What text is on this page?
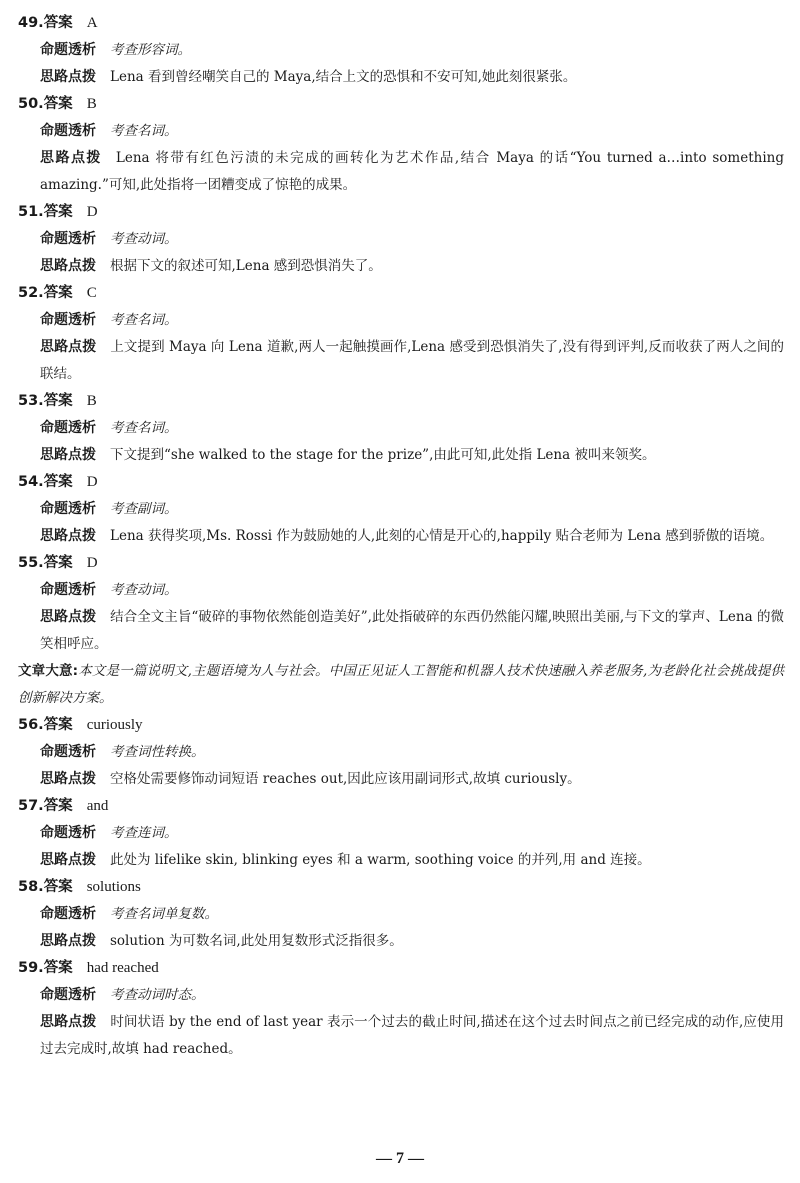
49.答案 A
命题透析 考查形容词。
思路点拨 Lena 看到曾经嘲笑自己的 Maya,结合上文的恐惧和不安可知,她此刻很紧张。
50.答案 B
命题透析 考查名词。
思路点拨 Lena 将带有红色污渍的未完成的画转化为艺术作品,结合 Maya 的话“You turned a…into something amazing.”可知,此处指将一团糟变成了惊艳的成果。
51.答案 D
命题透析 考查动词。
思路点拨 根据下文的叙述可知,Lena 感到恐惧消失了。
52.答案 C
命题透析 考查名词。
思路点拨 上文提到 Maya 向 Lena 道歉,两人一起触摸画作,Lena 感受到恐惧消失了,没有得到评判,反而收获了两人之间的联结。
53.答案 B
命题透析 考查名词。
思路点拨 下文提到“she walked to the stage for the prize”,由此可知,此处指 Lena 被叫来领奖。
54.答案 D
命题透析 考查副词。
思路点拨 Lena 获得奖项,Ms. Rossi 作为鼓励她的人,此刻的心情是开心的,happily 贴合老师为 Lena 感到骄傲的语境。
55.答案 D
命题透析 考查动词。
思路点拨 结合全文主旨“破碎的事物依然能创造美好”,此处指破碎的东西仍然能闪耀,映照出美丽,与下文的掌声、Lena 的微笑相呼应。
文章大意:本文是一篇说明文,主题语境为人与社会。中国正见证人工智能和机器人技术快速融入养老服务,为老龄化社会挑战提供创新解决方案。
56.答案 curiously
命题透析 考查词性转换。
思路点拨 空格处需要修饰动词短语 reaches out,因此应该用副词形式,故填 curiously。
57.答案 and
命题透析 考查连词。
思路点拨 此处为 lifelike skin, blinking eyes 和 a warm, soothing voice 的并列,用 and 连接。
58.答案 solutions
命题透析 考查名词单复数。
思路点拨 solution 为可数名词,此处用复数形式泛指很多。
59.答案 had reached
命题透析 考查动词时态。
思路点拨 时间状语 by the end of last year 表示一个过去的截止时间,描述在这个过去时间点之前已经完成的动作,应使用过去完成时,故填 had reached。
— 7 —
